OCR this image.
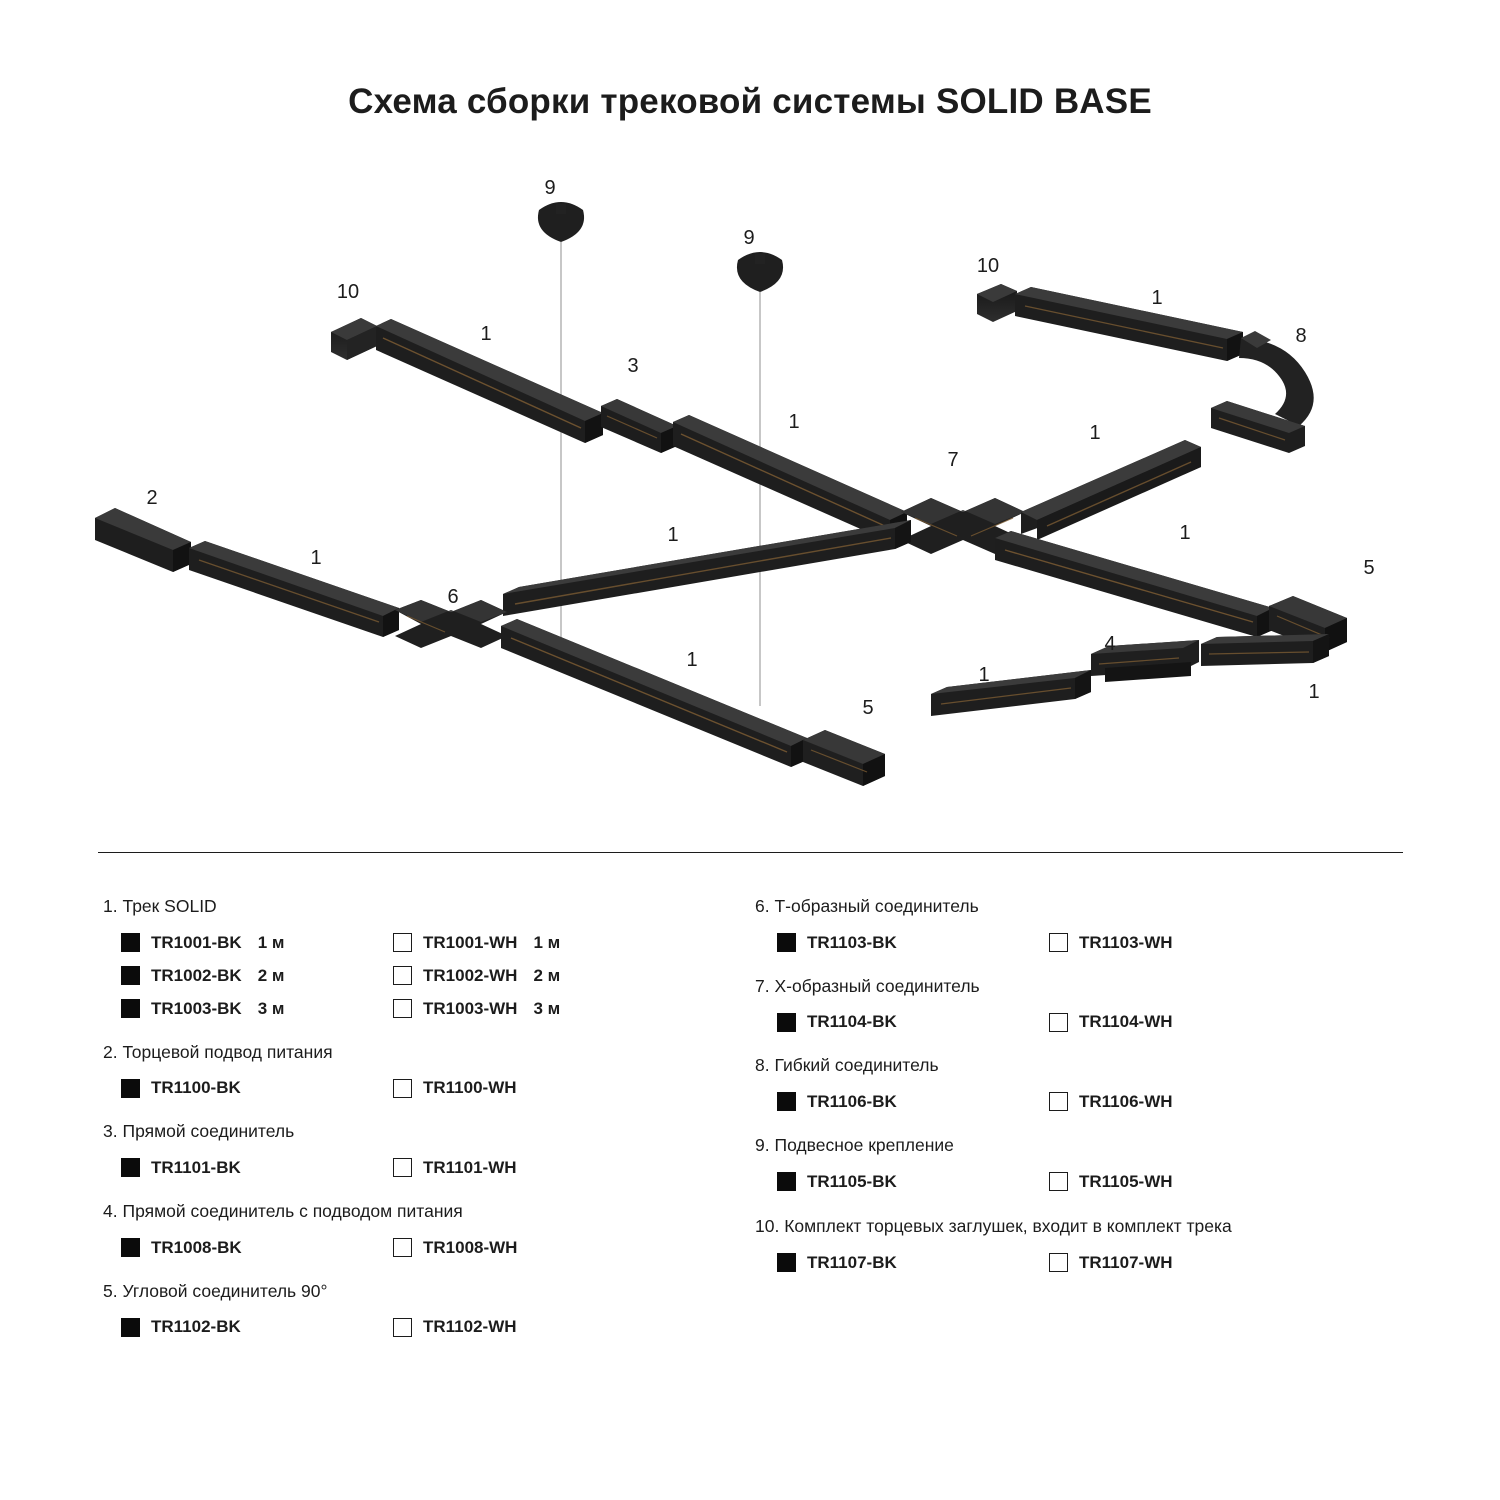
Схема сборки трековой системы SOLID BASE
9
9
10
10
1
1
8
3
1	1
7
2
1
1	1
5
6
1
4
1
1
5
1. Трек SOLID
TR1001-BK 1 м	TR1001-WH 1 м
TR1002-BK 2 м	TR1002-WH 2 м
TR1003-BK 3 м	TR1003-WH 3 м
2. Торцевой подвод питания
TR1100-BK	TR1100-WH
3. Прямой соединитель
TR1101-BK	TR1101-WH
4. Прямой соединитель с подводом питания
TR1008-BK	TR1008-WH
5. Угловой соединитель 90°
TR1102-BK	TR1102-WH
6. Т-образный соединитель
TR1103-BK	TR1103-WH
7. Х-образный соединитель
TR1104-BK	TR1104-WH
8. Гибкий соединитель
TR1106-BK	TR1106-WH
9. Подвесное крепление
TR1105-BK	TR1105-WH
10. Комплект торцевых заглушек, входит в комплект трека
TR1107-BK	TR1107-WH
